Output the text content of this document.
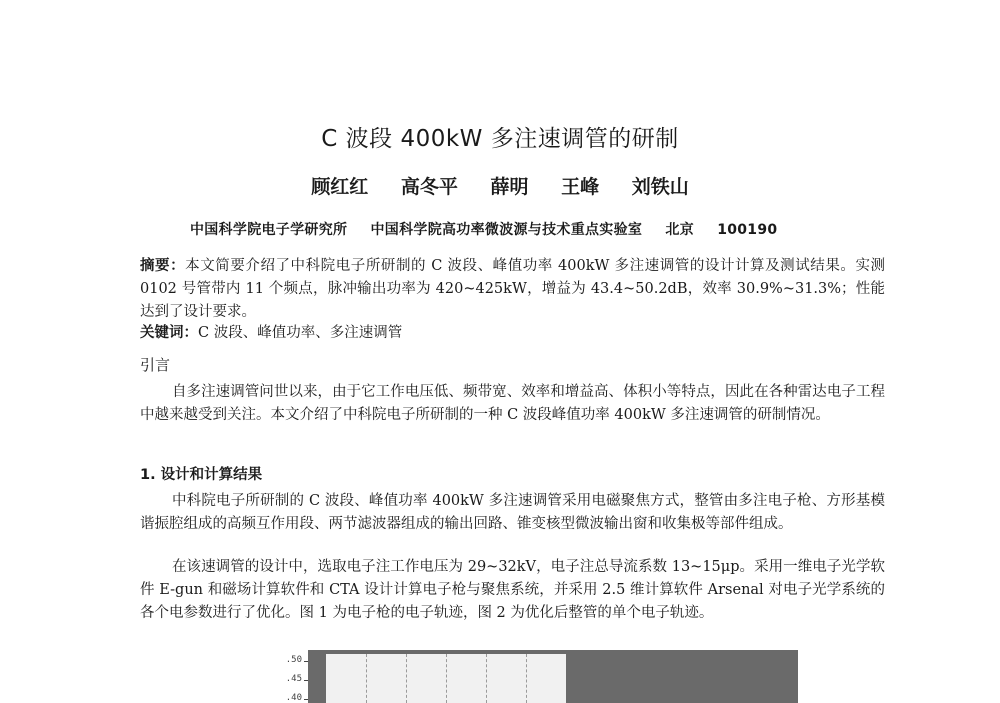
C 波段 400kW 多注速调管的研制
顾红红 高冬平 薛明 王峰 刘铁山
中国科学院电子学研究所 中国科学院高功率微波源与技术重点实验室 北京 100190
摘要：本文简要介绍了中科院电子所研制的 C 波段、峰值功率 400kW 多注速调管的设计计算及测试结果。实测 0102 号管带内 11 个频点，脉冲输出功率为 420~425kW，增益为 43.4~50.2dB，效率 30.9%~31.3%；性能达到了设计要求。
关键词：C 波段、峰值功率、多注速调管
引言
自多注速调管问世以来，由于它工作电压低、频带宽、效率和增益高、体积小等特点，因此在各种雷达电子工程中越来越受到关注。本文介绍了中科院电子所研制的一种 C 波段峰值功率 400kW 多注速调管的研制情况。
1. 设计和计算结果
中科院电子所研制的 C 波段、峰值功率 400kW 多注速调管采用电磁聚焦方式，整管由多注电子枪、方形基模谐振腔组成的高频互作用段、两节滤波器组成的输出回路、锥变核型微波输出窗和收集极等部件组成。
在该速调管的设计中，选取电子注工作电压为 29~32kV，电子注总导流系数 13~15μp。采用一维电子光学软件 E-gun 和磁场计算软件和 CTA 设计计算电子枪与聚焦系统，并采用 2.5 维计算软件 Arsenal 对电子光学系统的各个电参数进行了优化。图 1 为电子枪的电子轨迹，图 2 为优化后整管的单个电子轨迹。
.50
.45
.40
